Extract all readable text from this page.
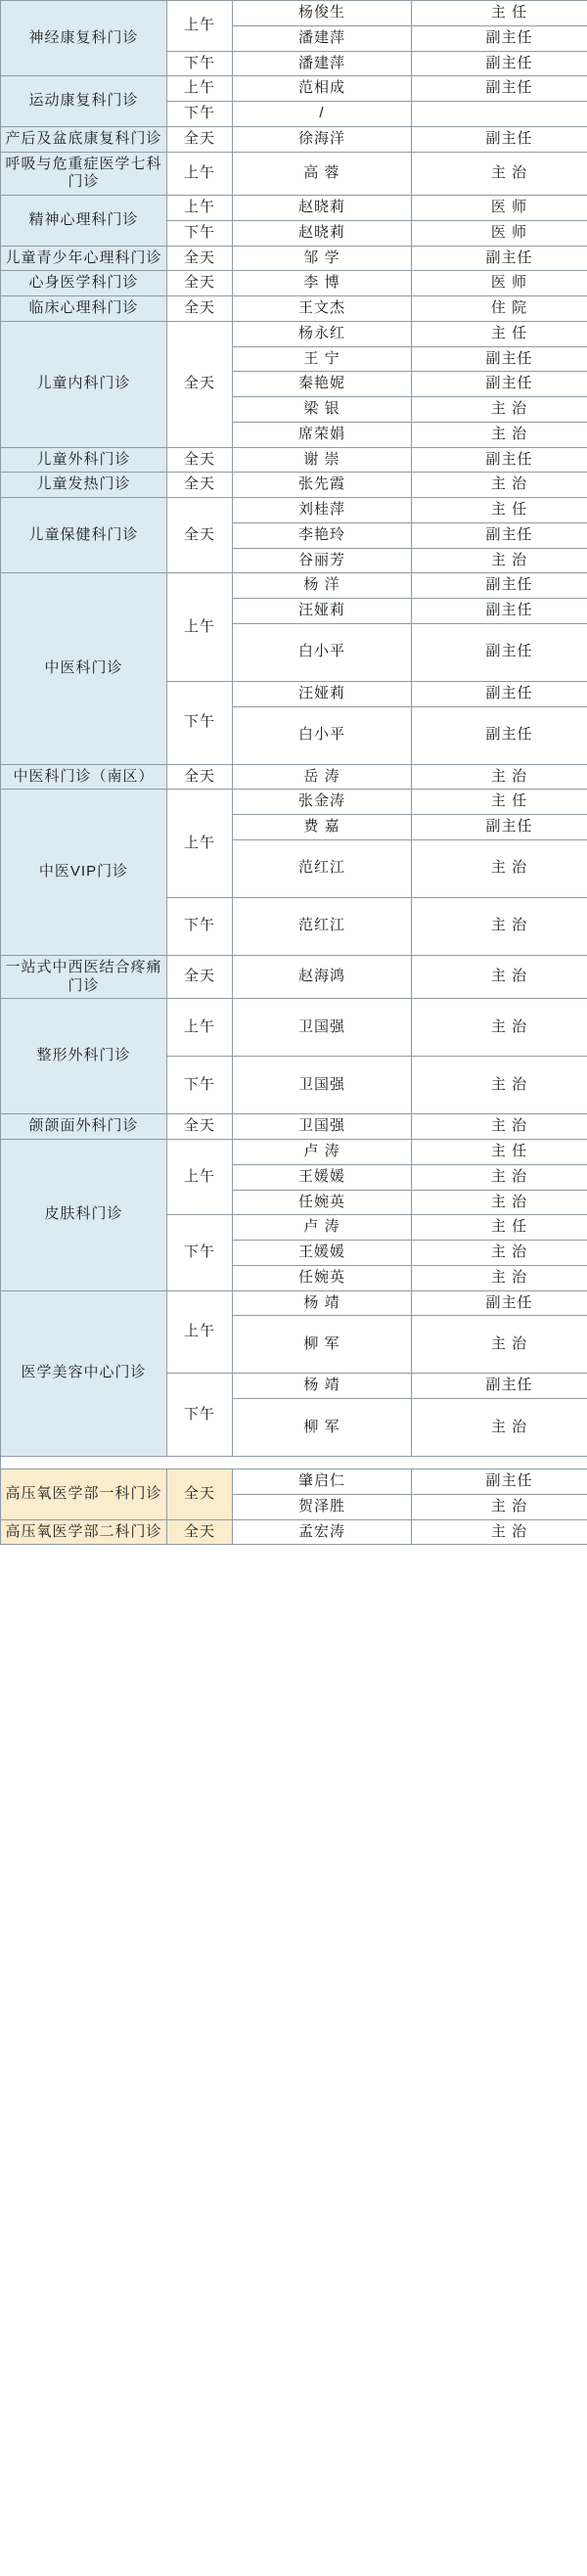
神经康复科门诊	上午	杨俊生	主 任
		潘建萍	副主任
	下午	潘建萍	副主任
运动康复科门诊	上午	范相成	副主任
	下午	/	
产后及盆底康复科门诊	全天	徐海洋	副主任
呼吸与危重症医学七科门诊	上午	高 蓉	主 治
精神心理科门诊	上午	赵晓莉	医 师
	下午	赵晓莉	医 师
儿童青少年心理科门诊	全天	邹 学	副主任
心身医学科门诊	全天	李 博	医 师
临床心理科门诊	全天	王文杰	住 院
儿童内科门诊	全天	杨永红	主 任
		王 宁	副主任
		秦艳妮	副主任
		梁 银	主 治
		席荣娟	主 治
儿童外科门诊	全天	谢 崇	副主任
儿童发热门诊	全天	张先霞	主 治
儿童保健科门诊	全天	刘桂萍	主 任
		李艳玲	副主任
		谷丽芳	主 治
中医科门诊	上午	杨 洋	副主任
		汪娅莉	副主任
		白小平	副主任
	下午	汪娅莉	副主任
		白小平	副主任
中医科门诊（南区）	全天	岳 涛	主 治
中医VIP门诊	上午	张金涛	主 任
		费 嘉	副主任
		范红江	主 治
	下午	范红江	主 治
一站式中西医结合疼痛门诊	全天	赵海鸿	主 治
整形外科门诊	上午	卫国强	主 治
	下午	卫国强	主 治
颌颌面外科门诊	全天	卫国强	主 治
皮肤科门诊	上午	卢 涛	主 任
		王媛媛	主 治
		任婉英	主 治
	下午	卢 涛	主 任
		王媛媛	主 治
		任婉英	主 治
医学美容中心门诊	上午	杨 靖	副主任
		柳 军	主 治
	下午	杨 靖	副主任
		柳 军	主 治

高压氧医学部一科门诊	全天	肇启仁	副主任
		贺泽胜	主 治
高压氧医学部二科门诊	全天	孟宏涛	主 治
